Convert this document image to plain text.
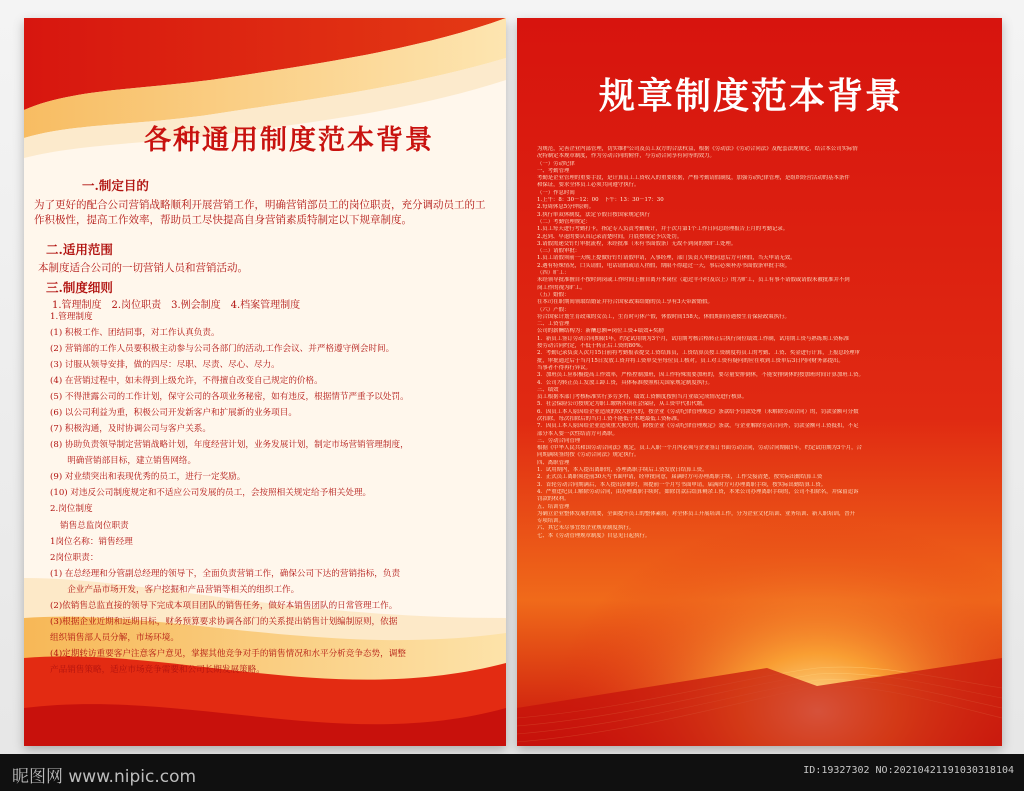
各种通用制度范本背景
一.制定目的
为了更好的配合公司营销战略顺利开展营销工作，明确营销部员工的岗位职责，充分调动员工的工作积极性，提高工作效率，帮助员工尽快提高自身营销素质特制定以下规章制度。
二.适用范围
本制度适合公司的一切营销人员和营销活动。
三.制度细则
1.管理制度　2.岗位职责　3.例会制度　4.档案管理制度
1.管理制度
(1) 积极工作、团结同事，对工作认真负责。
(2) 营销部的工作人员要积极主动参与公司各部门的活动,工作会议、并严格遵守例会时间。
(3) 讨服从领导安排，做的四尽：尽职、尽责、尽心、尽力。
(4) 在营销过程中，如未得到上级允许，不得擅自改变自己规定的价格。
(5) 不得泄露公司的工作计划，保守公司的各项业务秘密，如有违反，根据情节严重予以处罚。
(6) 以公司利益为重，积极公司开发新客户和扩展新的业务项目。
(7) 积极沟通，及时协调公司与客户关系。
(8) 协助负责领导制定营销战略计划，年度经营计划，业务发展计划，制定市场营销管理制度，
　　明确营销部目标，建立销售网络。
(9) 对业绩突出和表现优秀的员工，进行一定奖励。
(10) 对违反公司制度规定和不适应公司发展的员工，会按照相关规定给予相关处理。
2.岗位制度
销售总监岗位职责
1岗位名称：销售经理
2岗位职责：
(1) 在总经理和分管副总经理的领导下，全面负责营销工作，确保公司下达的营销指标，负责
　　企业产品市场开发，客户挖掘和产品营销等相关的组织工作。
(2)依销售总监直接的领导下完成本项目团队的销售任务，做好本销售团队的日常管理工作。
(3)根据企业近期和远期目标，财务预算要求协调各部门的关系提出销售计划编制原则，依据
组织销售部人员分解，市场环境。
(4)定期转访重要客户注意客户意见，掌握其他竞争对手的销售情况和水平分析竞争态势，调整
产品销售策略，适应市场竞争需要和公司长期发展策略。
规章制度范本背景
为规范，完善企业内部管理，切实维护公司及员工双方的合法权益，根据《劳动法》《劳动合同法》及配套法规规定，结合本公司实际情
况特制定本规章制度，作为劳动合同的附件，与劳动合同享有同等的效力。
（一）劳动纪律
一、考勤管理
考勤是企业管理的重要手段，是计算员工工资收入的重要依据，严格考勤请假制度，加强劳动纪律管理，是组织经营活动的基本条件
和保证，要求全体员工必须共同遵守执行。
（一）作息时间
1.上午：8：30－12：00　下午：13：30－17：30
2.每周休息5分钟原则。
3.执行单双休制度，法定节假日按国家规定执行
（二）考勤管理规定：
1.员工每天进行考勤打卡，指定专人负责考勤统计，并于次月第1个工作日向总经理报告上月的考勤记录。
2.迟到、早退的要认真记录清楚时间，月底按规定予以处罚。
3.请假需递交钉钉审批流程，未经批准（未有书面假条）无故不到岗的按旷工处理。
（三）请假审批：
1.员工请假须前一天晚上提做好钉钉请假申请，入事经理，部门负责人审批同意后方可休假，当天申请无效。
2.遇有特殊情况，口头请假，电话请假或请人捎假，期限不得超过一天，事后必须补办书面假条审批手续。
（四）旷工：
未经领导批准擅自不按时到岗或工作时间上擅自离开本岗位（超过半小时及以上）的为旷工，员工有事不请假或请假未被批准并不到
岗工作的视为旷工。
（五）婚假：
在本司在职期间领取结婚证并符合国家政策结婚的员工享有3天带薪婚假。
（六）产假：
符合国家计划生育政策的女员工，生育时可休产假，休假时间158天，休假期间待遇按生育保险政策执行。
二、工资管理
公司的薪酬结构为：新酬总额=岗位工资+绩效+奖励
1．新员工签订劳动合同期限1年，约定试用期为3个月，试用期考核合格转正后执行岗位绩效工作制，试用期工资与熟练期工资标准
按劳动合同约定，不低于转正后工资的80%。
2．考勤记录负责人次月15日前将考勤报表提交工资结算员，工资结算员按工资制度将员工的考勤、工资、奖金进行计算，上报总经理审
批，审批通过后于当月15日发放工资并将工资单交至每位员工核对。员工对工资有疑问的应在收到工资单后3日内向财务部提出。
当事者不得再行异议。
3．加班员工应积极提高工作效率，严格控制加班，因工作特殊需要加班的，要尽量安排倒休，不能安排倒休的按加班时间计算加班工资。
4．公司为转正员工发放工龄工资，具体标准按照相关国家规定制度执行。
三、绩效
员工根据本部门考核标准实行多劳多得，绩效工资额度按照当月业绩完成情况进行核算。
5．社会保险公司按规定为职工缴纳各项社会保险，从工资中代扣代缴。
6．因员工本人原因给企业造成的较大损失的，按企业《劳动纪律管理规定》条款给予罚款处理（未解除劳动合同）的，罚款金额可分数
次扣除，每次扣除后的当月工资不能低于本地最低工资标准。
7．因员工本人原因给企业造成重大损失的，除按企业《劳动纪律管理规定》条款，与企业解除劳动合同外，罚款金额可工资抵扣，不足
部分本人要一次性结清方可离职。
三、劳动合同管理
根据《中华人民共和国劳动合同法》规定，员工入职一个月内必须与企业签订书面劳动合同，劳动合同期限1年，约定试用期为3个月，合
同期满续签的按《劳动合同法》规定执行。
四、离职管理
1．试用期内，本人提出离职的，办理离职手续后工资发放日结算工资。
2．正式员工离职须提前30天写书面申请，经审批同意，届满时方可办理离职手续，工作交接清楚，按实际出勤结算工资
3．首轮劳动合同期满后，本人提出辞职时，须提前一个月写书面申请，届满时方可办理离职手续，按实际出勤结算工资。
4．严重违纪员工解除劳动合同，由办理离职手续时，如除罚款后结算剩余工资，本来公司办理离职手续的，公司不扣除名，并保留追诉
罚款的权利。
五、培训管理
为确立企业整体发展的需要，全面提升员工的整体素质，对全体员工开展培训工作，分为企业文化培训、业务培训、新人职培训，晋升
专项培训。
六、其它未尽事宜按企业规章制度执行。
七、本《劳动管理规章制度》自息见日起执行。
昵图网 www.nipic.com	ID:19327302 NO:20210421191030318104
